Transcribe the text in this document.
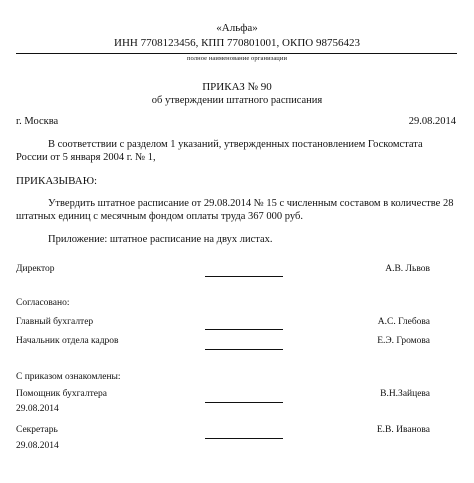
«Альфа»
ИНН 7708123456, КПП 770801001, ОКПО 98756423
полное наименование организации
ПРИКАЗ № 90
об утверждении штатного расписания
г. Москва	29.08.2014
В соответствии с разделом 1 указаний, утвержденных постановлением Госкомстата
России от 5 января 2004 г. № 1,
ПРИКАЗЫВАЮ:
Утвердить штатное расписание от 29.08.2014 № 15 с численным составом в количестве 28
штатных единиц с месячным фондом оплаты труда 367 000 руб.
Приложение: штатное расписание на двух листах.
Директор	А.В. Львов
Согласовано:
Главный бухгалтер	А.С. Глебова
Начальник отдела кадров	Е.Э. Громова
С приказом ознакомлены:
Помощник бухгалтера	В.Н.Зайцева
29.08.2014
Секретарь	Е.В. Иванова
29.08.2014
